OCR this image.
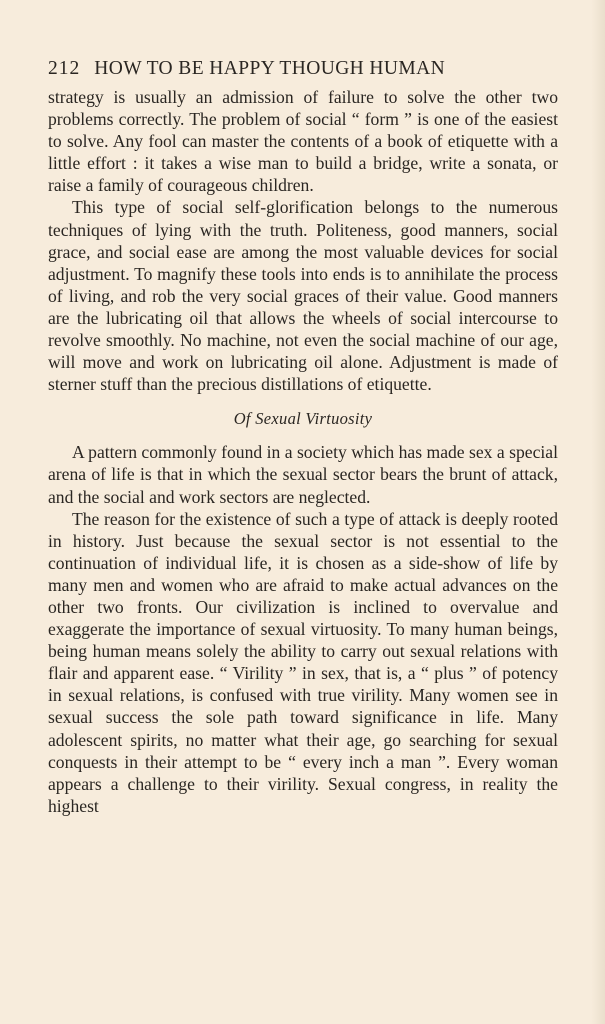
212 HOW TO BE HAPPY THOUGH HUMAN

strategy is usually an admission of failure to solve the other two problems correctly. The problem of social “ form ” is one of the easiest to solve. Any fool can master the contents of a book of etiquette with a little effort : it takes a wise man to build a bridge, write a sonata, or raise a family of courageous children.

This type of social self-glorification belongs to the numerous techniques of lying with the truth. Politeness, good manners, social grace, and social ease are among the most valuable devices for social adjustment. To magnify these tools into ends is to annihilate the process of living, and rob the very social graces of their value. Good manners are the lubricating oil that allows the wheels of social intercourse to revolve smoothly. No machine, not even the social machine of our age, will move and work on lubricating oil alone. Adjustment is made of sterner stuff than the precious distillations of etiquette.

Of Sexual Virtuosity

A pattern commonly found in a society which has made sex a special arena of life is that in which the sexual sector bears the brunt of attack, and the social and work sectors are neglected.

The reason for the existence of such a type of attack is deeply rooted in history. Just because the sexual sector is not essential to the continuation of individual life, it is chosen as a side-show of life by many men and women who are afraid to make actual advances on the other two fronts. Our civilization is inclined to overvalue and exaggerate the importance of sexual virtuosity. To many human beings, being human means solely the ability to carry out sexual relations with flair and apparent ease. “ Virility ” in sex, that is, a “ plus ” of potency in sexual relations, is confused with true virility. Many women see in sexual success the sole path toward significance in life. Many adolescent spirits, no matter what their age, go searching for sexual conquests in their attempt to be “ every inch a man ”. Every woman appears a challenge to their virility. Sexual congress, in reality the highest
